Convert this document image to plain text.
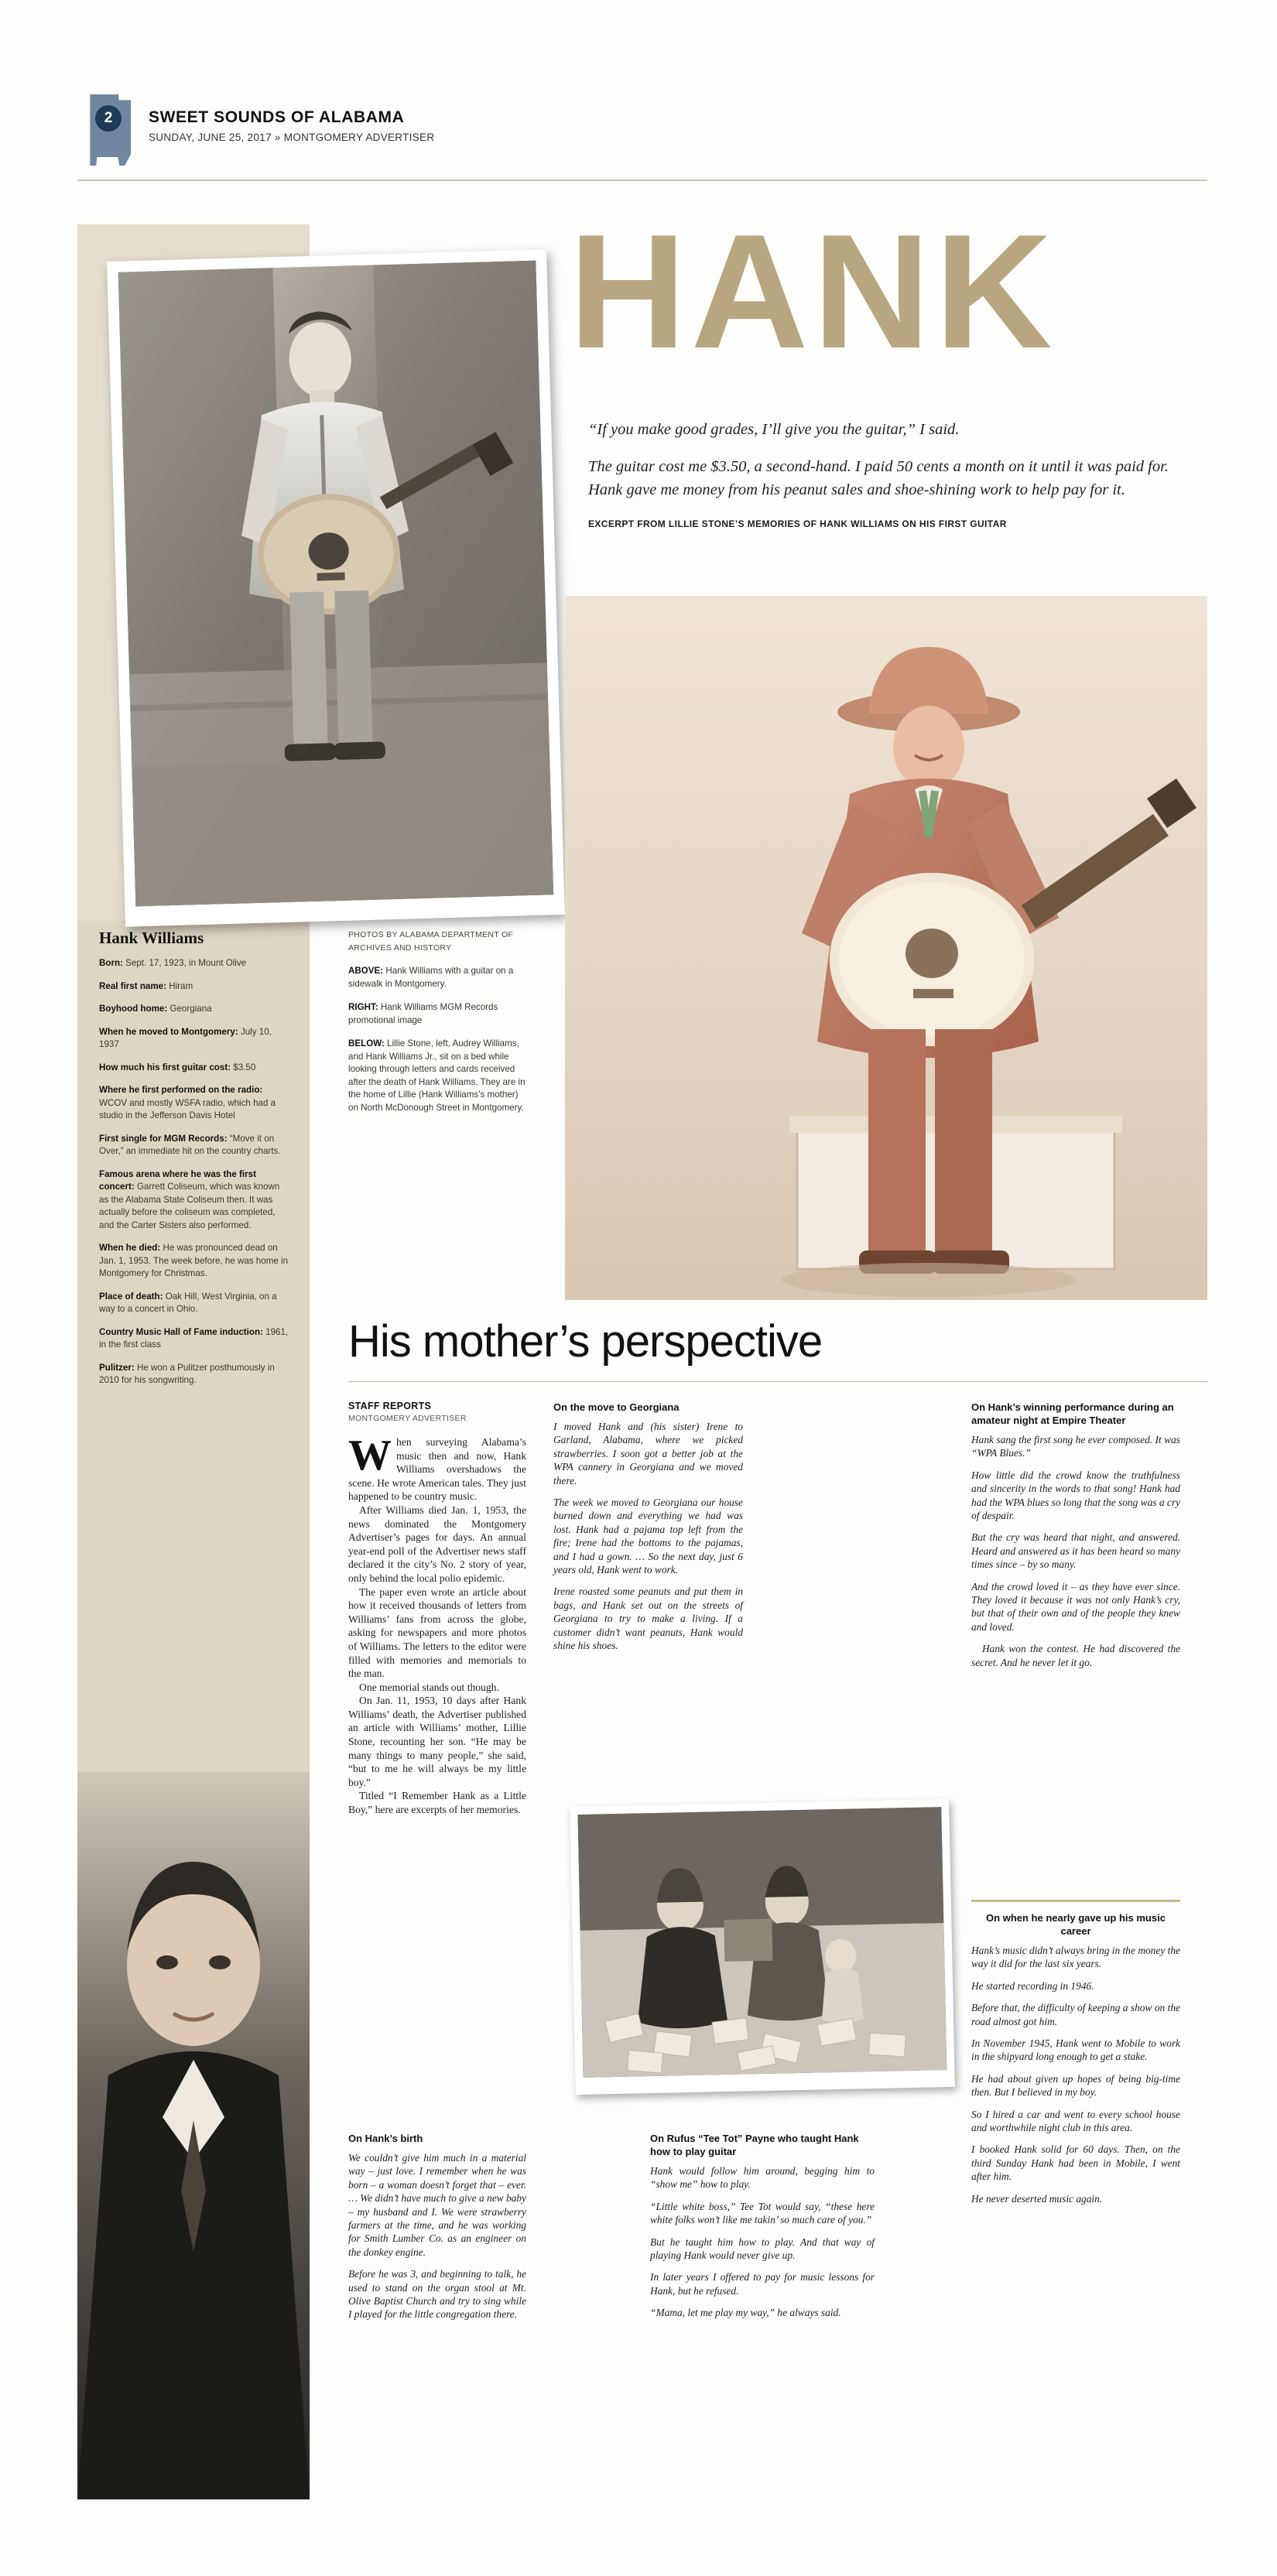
2	SWEET SOUNDS OF ALABAMA
SUNDAY, JUNE 25, 2017 » MONTGOMERY ADVERTISER
HANK
“If you make good grades, I’ll give you the guitar,” I said.
The guitar cost me $3.50, a second-hand. I paid 50 cents a month on it until it was paid for. Hank gave me money from his peanut sales and shoe-shining work to help pay for it.
EXCERPT FROM LILLIE STONE’S MEMORIES OF HANK WILLIAMS ON HIS FIRST GUITAR
Hank Williams
Born: Sept. 17, 1923, in Mount Olive
Real first name: Hiram
Boyhood home: Georgiana
When he moved to Montgomery: July 10, 1937
How much his first guitar cost: $3.50
Where he first performed on the radio: WCOV and mostly WSFA radio, which had a studio in the Jefferson Davis Hotel
First single for MGM Records: “Move it on Over,” an immediate hit on the country charts.
Famous arena where he was the first concert: Garrett Coliseum, which was known as the Alabama State Coliseum then. It was actually before the coliseum was completed, and the Carter Sisters also performed.
When he died: He was pronounced dead on Jan. 1, 1953. The week before, he was home in Montgomery for Christmas.
Place of death: Oak Hill, West Virginia, on a way to a concert in Ohio.
Country Music Hall of Fame induction: 1961, in the first class
Pulitzer: He won a Pulitzer posthumously in 2010 for his songwriting.
PHOTOS BY ALABAMA DEPARTMENT OF ARCHIVES AND HISTORY

ABOVE: Hank Williams with a guitar on a sidewalk in Montgomery.

RIGHT: Hank Williams MGM Records promotional image

BELOW: Lillie Stone, left, Audrey Williams, and Hank Williams Jr., sit on a bed while looking through letters and cards received after the death of Hank Williams. They are in the home of Lillie (Hank Williams’s mother) on North McDonough Street in Montgomery.

His mother’s perspective
STAFF REPORTS
MONTGOMERY ADVERTISER

When surveying Alabama’s music then and now, Hank Williams overshadows the scene. He wrote American tales. They just happened to be country music.

After Williams died Jan. 1, 1953, the news dominated the Montgomery Advertiser’s pages for days. An annual year-end poll of the Advertiser news staff declared it the city’s No. 2 story of year, only behind the local polio epidemic.

The paper even wrote an article about how it received thousands of letters from Williams’ fans from across the globe, asking for newspapers and more photos of Williams. The letters to the editor were filled with memories and memorials to the man.

One memorial stands out though.

On Jan. 11, 1953, 10 days after Hank Williams’ death, the Advertiser published an article with Williams’ mother, Lillie Stone, recounting her son. “He may be many things to many people,” she said, “but to me he will always be my little boy.”

Titled “I Remember Hank as a Little Boy,” here are excerpts of her memories.

On the move to Georgiana

I moved Hank and (his sister) Irene to Garland, Alabama, where we picked strawberries. I soon got a better job at the WPA cannery in Georgiana and we moved there.

The week we moved to Georgiana our house burned down and everything we had was lost. Hank had a pajama top left from the fire; Irene had the bottoms to the pajamas, and I had a gown. … So the next day, just 6 years old, Hank went to work.

Irene roasted some peanuts and put them in bags, and Hank set out on the streets of Georgiana to try to make a living. If a customer didn’t want peanuts, Hank would shine his shoes.

On Hank’s winning performance during an amateur night at Empire Theater

Hank sang the first song he ever composed. It was “WPA Blues.”

How little did the crowd know the truthfulness and sincerity in the words to that song! Hank had had the WPA blues so long that the song was a cry of despair.

But the cry was heard that night, and answered. Heard and answered as it has been heard so many times since – by so many.

And the crowd loved it – as they have ever since. They loved it because it was not only Hank’s cry, but that of their own and of the people they knew and loved.

Hank won the contest. He had discovered the secret. And he never let it go.

On when he nearly gave up his music career

Hank’s music didn’t always bring in the money the way it did for the last six years.

He started recording in 1946.

Before that, the difficulty of keeping a show on the road almost got him.

In November 1945, Hank went to Mobile to work in the shipyard long enough to get a stake.

He had about given up hopes of being big-time then. But I believed in my boy.

So I hired a car and went to every school house and worthwhile night club in this area.

I booked Hank solid for 60 days. Then, on the third Sunday Hank had been in Mobile, I went after him.

He never deserted music again.

On Hank’s birth

We couldn’t give him much in a material way – just love. I remember when he was born – a woman doesn’t forget that – ever. … We didn’t have much to give a new baby – my husband and I. We were strawberry farmers at the time, and he was working for Smith Lumber Co. as an engineer on the donkey engine.

Before he was 3, and beginning to talk, he used to stand on the organ stool at Mt. Olive Baptist Church and try to sing while I played for the little congregation there.

On Rufus “Tee Tot” Payne who taught Hank how to play guitar

Hank would follow him around, begging him to “show me” how to play.

“Little white boss,” Tee Tot would say, “these here white folks won’t like me takin’ so much care of you.”

But he taught him how to play. And that way of playing Hank would never give up.

In later years I offered to pay for music lessons for Hank, but he refused.

“Mama, let me play my way,” he always said.
